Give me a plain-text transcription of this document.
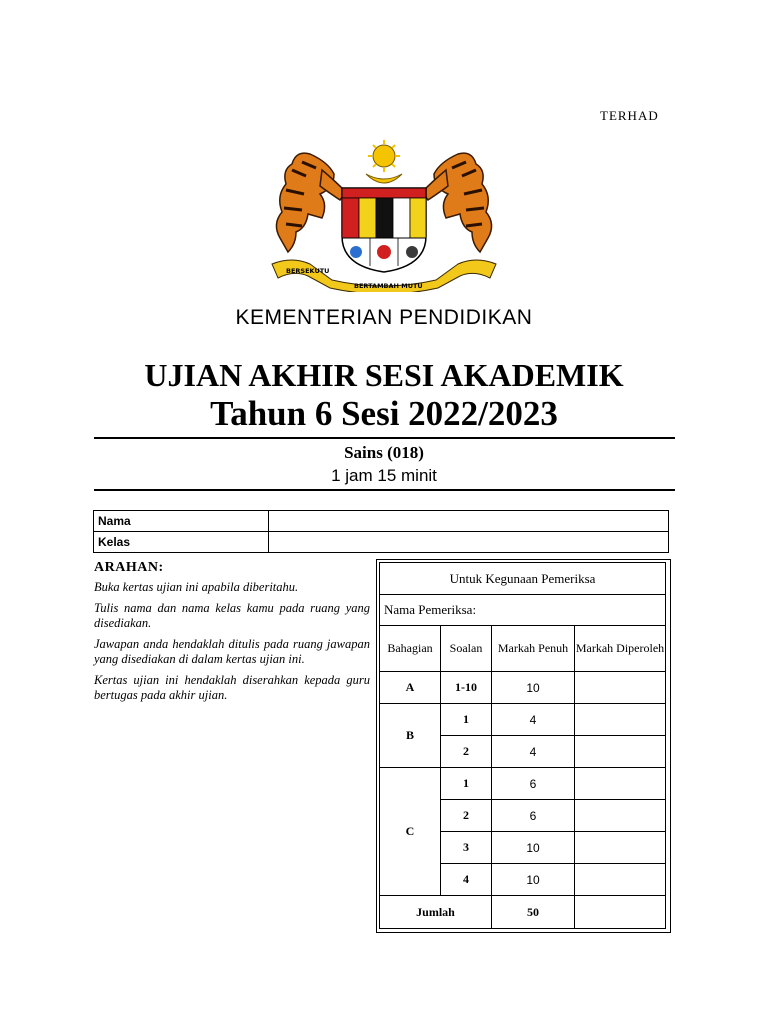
TERHAD
BERSEKUTU
BERTAMBAH MUTU
KEMENTERIAN PENDIDIKAN
UJIAN AKHIR SESI AKADEMIK
Tahun 6 Sesi 2022/2023
Sains (018)
1 jam 15 minit
Nama	
Kelas	
ARAHAN:

Buka kertas ujian ini apabila diberitahu.

Tulis nama dan nama kelas kamu pada ruang yang disediakan.

Jawapan anda hendaklah ditulis pada ruang jawapan yang disediakan di dalam kertas ujian ini.

Kertas ujian ini hendaklah diserahkan kepada guru bertugas pada akhir ujian.

Untuk Kegunaan Pemeriksa			
Nama Pemeriksa:			
Bahagian	Soalan	Markah Penuh	Markah Diperoleh
A	1-10	10	
B	1	4	
	2	4	
C	1	6	
	2	6	
	3	10	
	4	10	
Jumlah		50	
